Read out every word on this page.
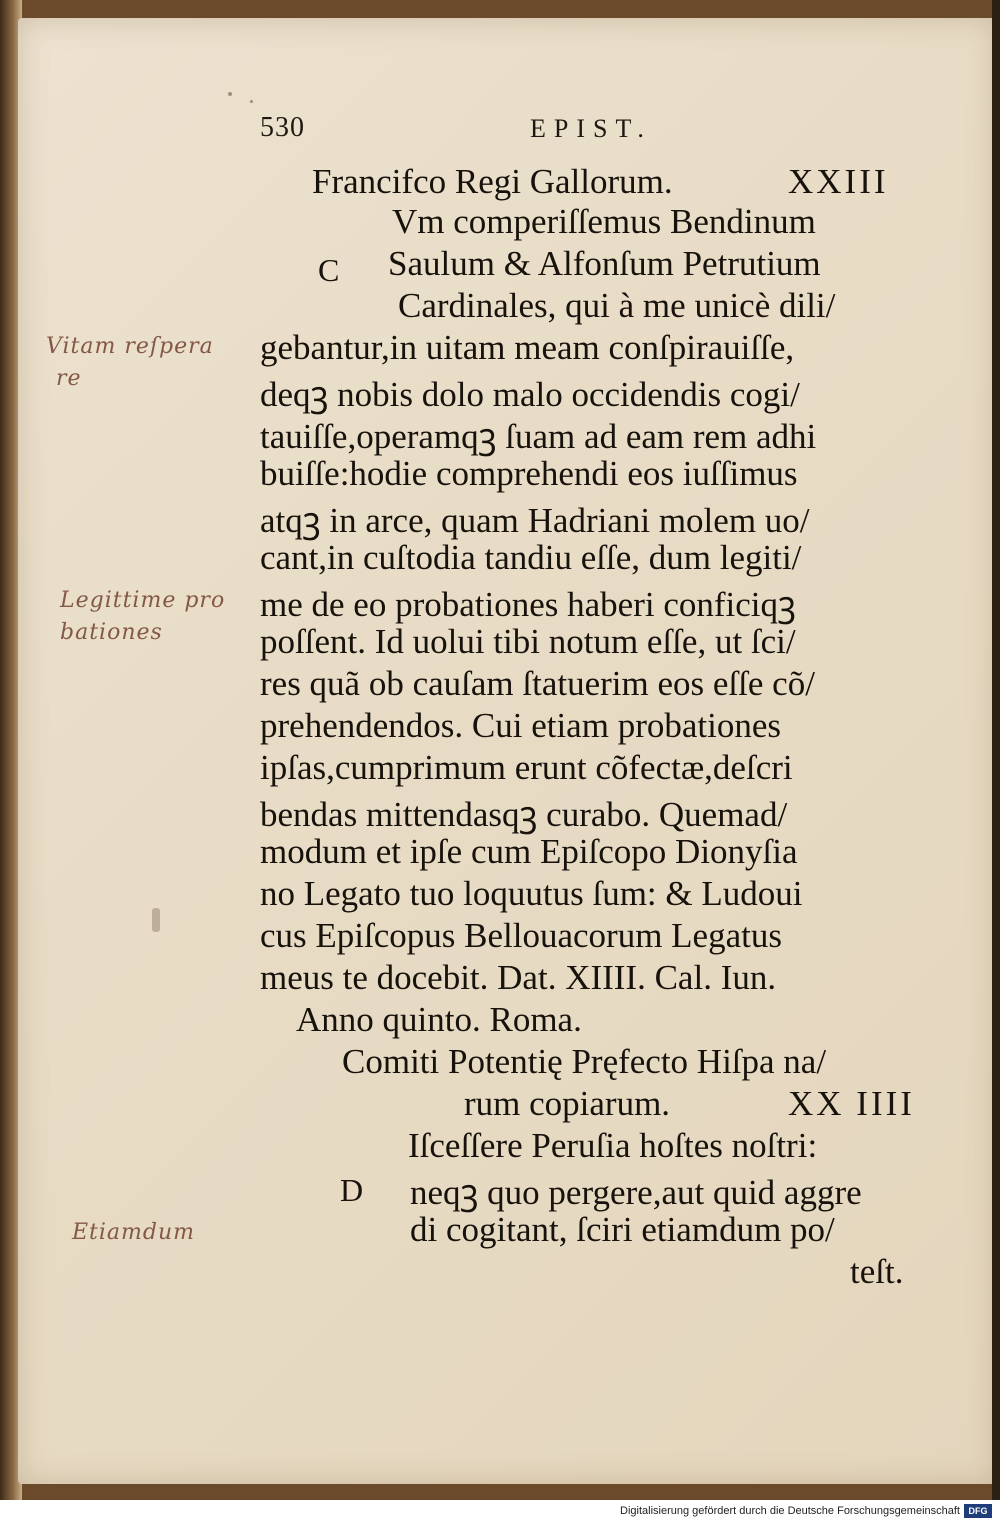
530	EPIST.
Francifco Regi Gallorum.	XXIII
C
Vm comperiſſemus Bendinum
Saulum & Alfonſum Petrutium
Cardinales, qui à me unicè dili/
gebantur,in uitam meam conſpirauiſſe,
deqꝫ nobis dolo malo occidendis cogi/
tauiſſe,operamqꝫ ſuam ad eam rem adhi
buiſſe:hodie comprehendi eos iuſſimus
atqꝫ in arce, quam Hadriani molem uo/
cant,in cuſtodia tandiu eſſe, dum legiti/
me de eo probationes haberi conficiqꝫ
poſſent. Id uolui tibi notum eſſe, ut ſci/
res quã ob cauſam ſtatuerim eos eſſe cõ/
prehendendos. Cui etiam probationes
ipſas,cumprimum erunt cõfectæ,deſcri
bendas mittendasqꝫ curabo. Quemad/
modum et ipſe cum Epiſcopo Dionyſia
no Legato tuo loquutus ſum: & Ludoui
cus Epiſcopus Bellouacorum Legatus
meus te docebit. Dat. XIIII. Cal. Iun.
Anno quinto. Roma.
Comiti Potentię Pręfecto Hiſpa na/
rum copiarum.	XX IIII
D
Iſceſſere Peruſia hoſtes noſtri:
neqꝫ quo pergere,aut quid aggre
di cogitant, ſciri etiamdum po/
teſt.
Vitam reſpera
re
Legittime pro
bationes
Etiamdum
Digitalisierung gefördert durch die Deutsche Forschungsgemeinschaft DFG
